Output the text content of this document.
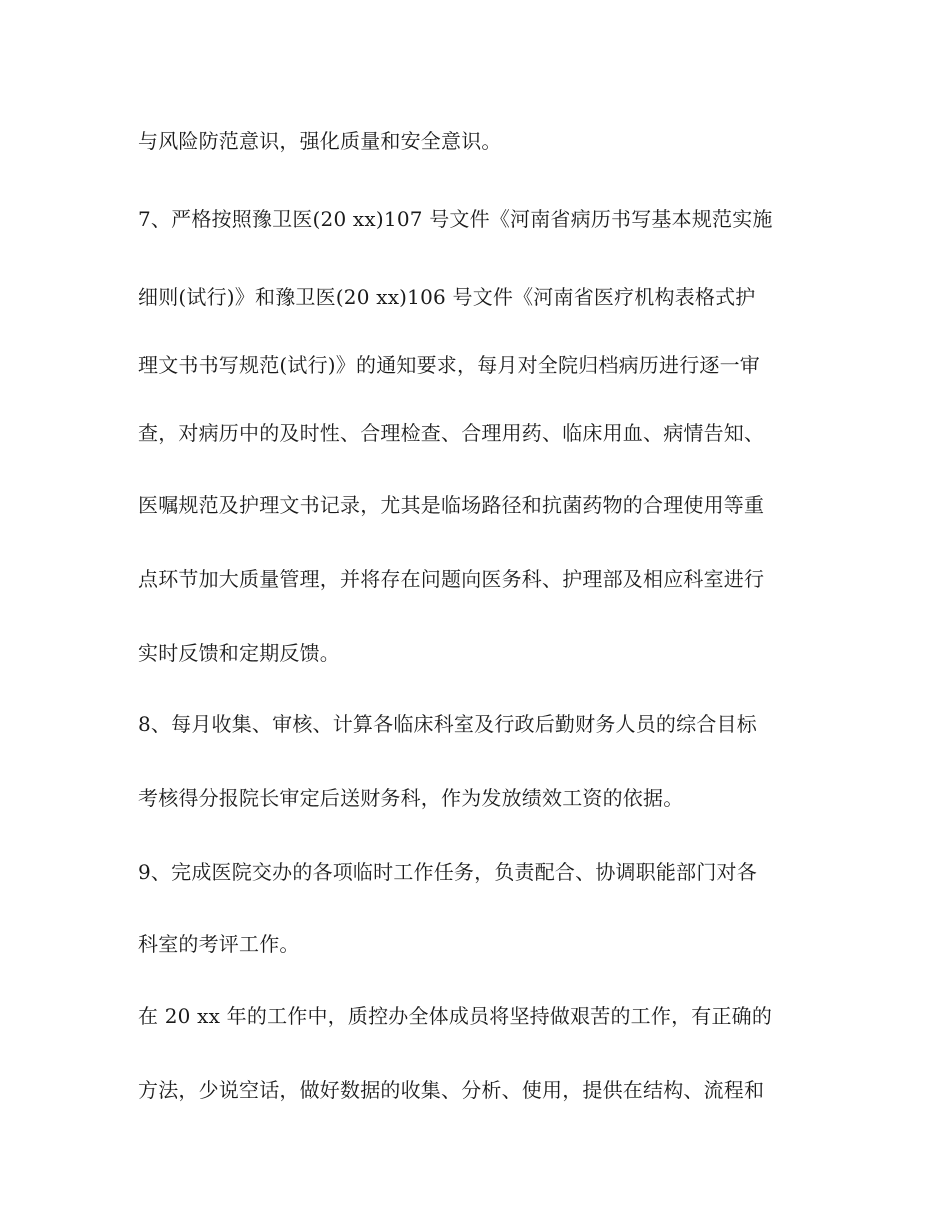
与风险防范意识，强化质量和安全意识。
7、严格按照豫卫医(20 xx)107 号文件《河南省病历书写基本规范实施
细则(试行)》和豫卫医(20 xx)106 号文件《河南省医疗机构表格式护
理文书书写规范(试行)》的通知要求，每月对全院归档病历进行逐一审
查，对病历中的及时性、合理检查、合理用药、临床用血、病情告知、
医嘱规范及护理文书记录，尤其是临场路径和抗菌药物的合理使用等重
点环节加大质量管理，并将存在问题向医务科、护理部及相应科室进行
实时反馈和定期反馈。
8、每月收集、审核、计算各临床科室及行政后勤财务人员的综合目标
考核得分报院长审定后送财务科，作为发放绩效工资的依据。
9、完成医院交办的各项临时工作任务，负责配合、协调职能部门对各
科室的考评工作。
在 20 xx 年的工作中，质控办全体成员将坚持做艰苦的工作，有正确的
方法，少说空话，做好数据的收集、分析、使用，提供在结构、流程和
